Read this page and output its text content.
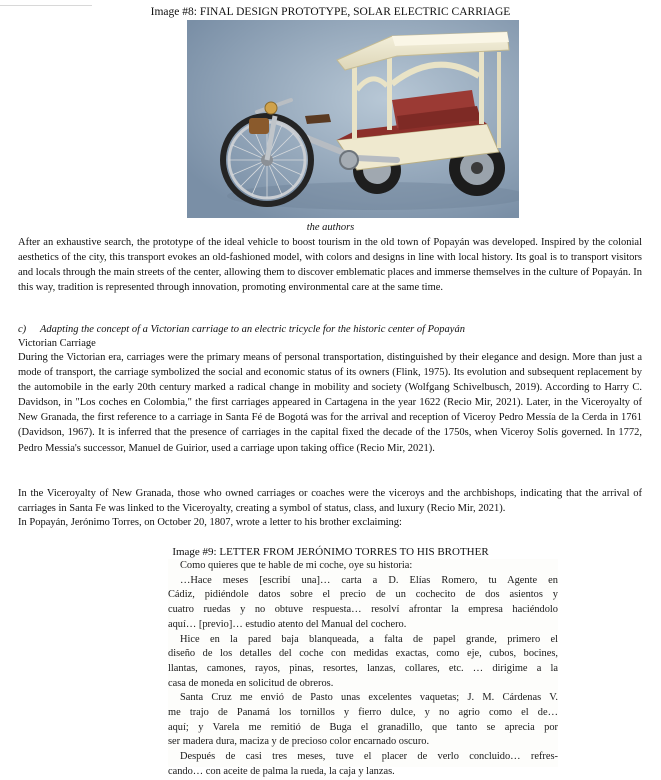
Image #8: FINAL DESIGN PROTOTYPE, SOLAR ELECTRIC CARRIAGE
the authors

After an exhaustive search, the prototype of the ideal vehicle to boost tourism in the old town of Popayán was developed. Inspired by the colonial aesthetics of the city, this transport evokes an old-fashioned model, with colors and designs in line with local history. Its goal is to transport visitors and locals through the main streets of the center, allowing them to discover emblematic places and immerse themselves in the culture of Popayán. In this way, tradition is represented through innovation, promoting environmental care at the same time.

c) Adapting the concept of a Victorian carriage to an electric tricycle for the historic center of Popayán
Victorian Carriage

During the Victorian era, carriages were the primary means of personal transportation, distinguished by their elegance and design. More than just a mode of transport, the carriage symbolized the social and economic status of its owners (Flink, 1975). Its evolution and subsequent replacement by the automobile in the early 20th century marked a radical change in mobility and society (Wolfgang Schivelbusch, 2019). According to Harry C. Davidson, in "Los coches en Colombia," the first carriages appeared in Cartagena in the year 1622 (Recio Mir, 2021). Later, in the Viceroyalty of New Granada, the first reference to a carriage in Santa Fé de Bogotá was for the arrival and reception of Viceroy Pedro Messía de la Cerda in 1761 (Davidson, 1967). It is inferred that the presence of carriages in the capital fixed the decade of the 1750s, when Viceroy Solís governed. In 1772, Pedro Messia's successor, Manuel de Guirior, used a carriage upon taking office (Recio Mir, 2021).

In the Viceroyalty of New Granada, those who owned carriages or coaches were the viceroys and the archbishops, indicating that the arrival of carriages in Santa Fe was linked to the Viceroyalty, creating a symbol of status, class, and luxury (Recio Mir, 2021).

In Popayán, Jerónimo Torres, on October 20, 1807, wrote a letter to his brother exclaiming:

Image #9: LETTER FROM JERÓNIMO TORRES TO HIS BROTHER
Como quieres que te hable de mi coche, oye su historia:
…Hace meses [escribí una]… carta a D. Elías Romero, tu Agente en
Cádiz, pidiéndole datos sobre el precio de un cochecito de dos asientos y
cuatro ruedas y no obtuve respuesta… resolví afrontar la empresa haciéndolo
aquí… [previo]… estudio atento del Manual del cochero.
Hice en la pared baja blanqueada, a falta de papel grande, primero el
diseño de los detalles del coche con medidas exactas, como eje, cubos, bocines,
llantas, camones, rayos, pinas, resortes, lanzas, collares, etc. … dirigime a la
casa de moneda en solicitud de obreros.
Santa Cruz me envió de Pasto unas excelentes vaquetas; J. M. Cárdenas V.
me trajo de Panamá los tornillos y fierro dulce, y no agrio como el de…
aquí; y Varela me remitió de Buga el granadillo, que tanto se aprecia por
ser madera dura, maciza y de precioso color encarnado oscuro.
Después de casi tres meses, tuve el placer de verlo concluido… refres-
cando… con aceite de palma la rueda, la caja y lanzas.
